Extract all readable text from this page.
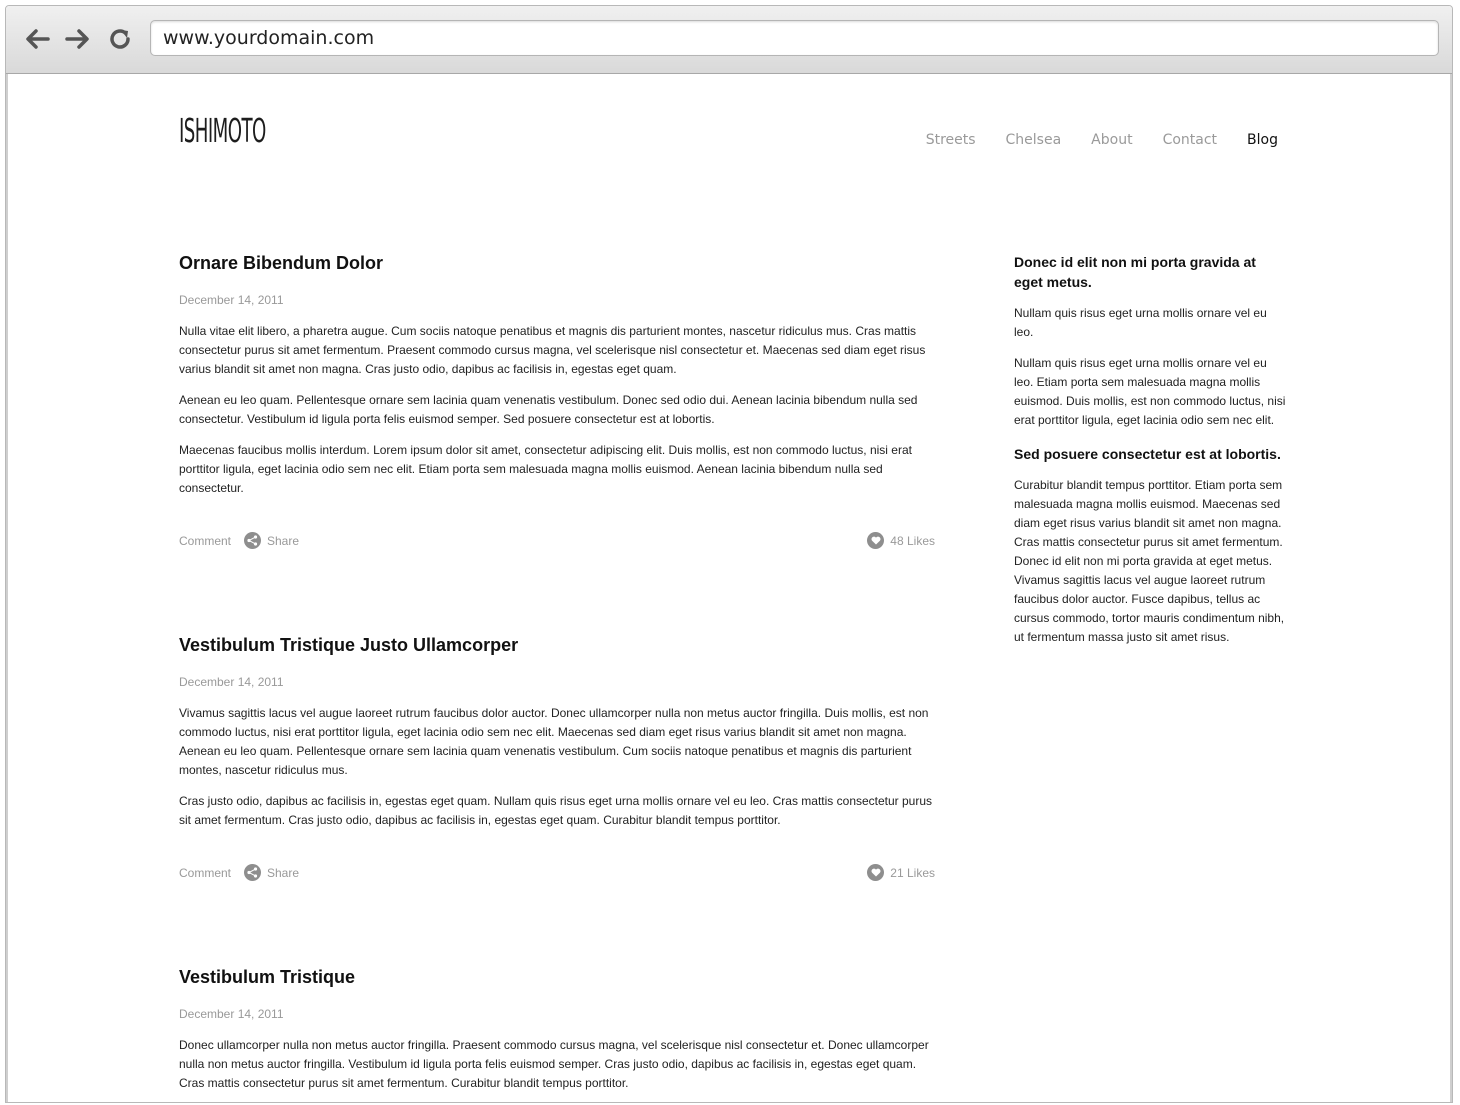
www.yourdomain.com
ISHIMOTO	Streets Chelsea About Contact Blog
Ornare Bibendum Dolor
December 14, 2011

Nulla vitae elit libero, a pharetra augue. Cum sociis natoque penatibus et magnis dis parturient montes, nascetur ridiculus mus. Cras mattis consectetur purus sit amet fermentum. Praesent commodo cursus magna, vel scelerisque nisl consectetur et. Maecenas sed diam eget risus varius blandit sit amet non magna. Cras justo odio, dapibus ac facilisis in, egestas eget quam.

Aenean eu leo quam. Pellentesque ornare sem lacinia quam venenatis vestibulum. Donec sed odio dui. Aenean lacinia bibendum nulla sed consectetur. Vestibulum id ligula porta felis euismod semper. Sed posuere consectetur est at lobortis.

Maecenas faucibus mollis interdum. Lorem ipsum dolor sit amet, consectetur adipiscing elit. Duis mollis, est non commodo luctus, nisi erat porttitor ligula, eget lacinia odio sem nec elit. Etiam porta sem malesuada magna mollis euismod. Aenean lacinia bibendum nulla sed consectetur.

Comment	Share	48 Likes
Vestibulum Tristique Justo Ullamcorper
December 14, 2011

Vivamus sagittis lacus vel augue laoreet rutrum faucibus dolor auctor. Donec ullamcorper nulla non metus auctor fringilla. Duis mollis, est non commodo luctus, nisi erat porttitor ligula, eget lacinia odio sem nec elit. Maecenas sed diam eget risus varius blandit sit amet non magna. Aenean eu leo quam. Pellentesque ornare sem lacinia quam venenatis vestibulum. Cum sociis natoque penatibus et magnis dis parturient montes, nascetur ridiculus mus.

Cras justo odio, dapibus ac facilisis in, egestas eget quam. Nullam quis risus eget urna mollis ornare vel eu leo. Cras mattis consectetur purus sit amet fermentum. Cras justo odio, dapibus ac facilisis in, egestas eget quam. Curabitur blandit tempus porttitor.

Comment	Share	21 Likes
Vestibulum Tristique
December 14, 2011

Donec ullamcorper nulla non metus auctor fringilla. Praesent commodo cursus magna, vel scelerisque nisl consectetur et. Donec ullamcorper nulla non metus auctor fringilla. Vestibulum id ligula porta felis euismod semper. Cras justo odio, dapibus ac facilisis in, egestas eget quam. Cras mattis consectetur purus sit amet fermentum. Curabitur blandit tempus porttitor.

Donec id elit non mi porta gravida at eget metus.

Nullam quis risus eget urna mollis ornare vel eu leo.

Nullam quis risus eget urna mollis ornare vel eu leo. Etiam porta sem malesuada magna mollis euismod. Duis mollis, est non commodo luctus, nisi erat porttitor ligula, eget lacinia odio sem nec elit.

Sed posuere consectetur est at lobortis.

Curabitur blandit tempus porttitor. Etiam porta sem malesuada magna mollis euismod. Maecenas sed diam eget risus varius blandit sit amet non magna. Cras mattis consectetur purus sit amet fermentum. Donec id elit non mi porta gravida at eget metus. Vivamus sagittis lacus vel augue laoreet rutrum faucibus dolor auctor. Fusce dapibus, tellus ac cursus commodo, tortor mauris condimentum nibh, ut fermentum massa justo sit amet risus.
